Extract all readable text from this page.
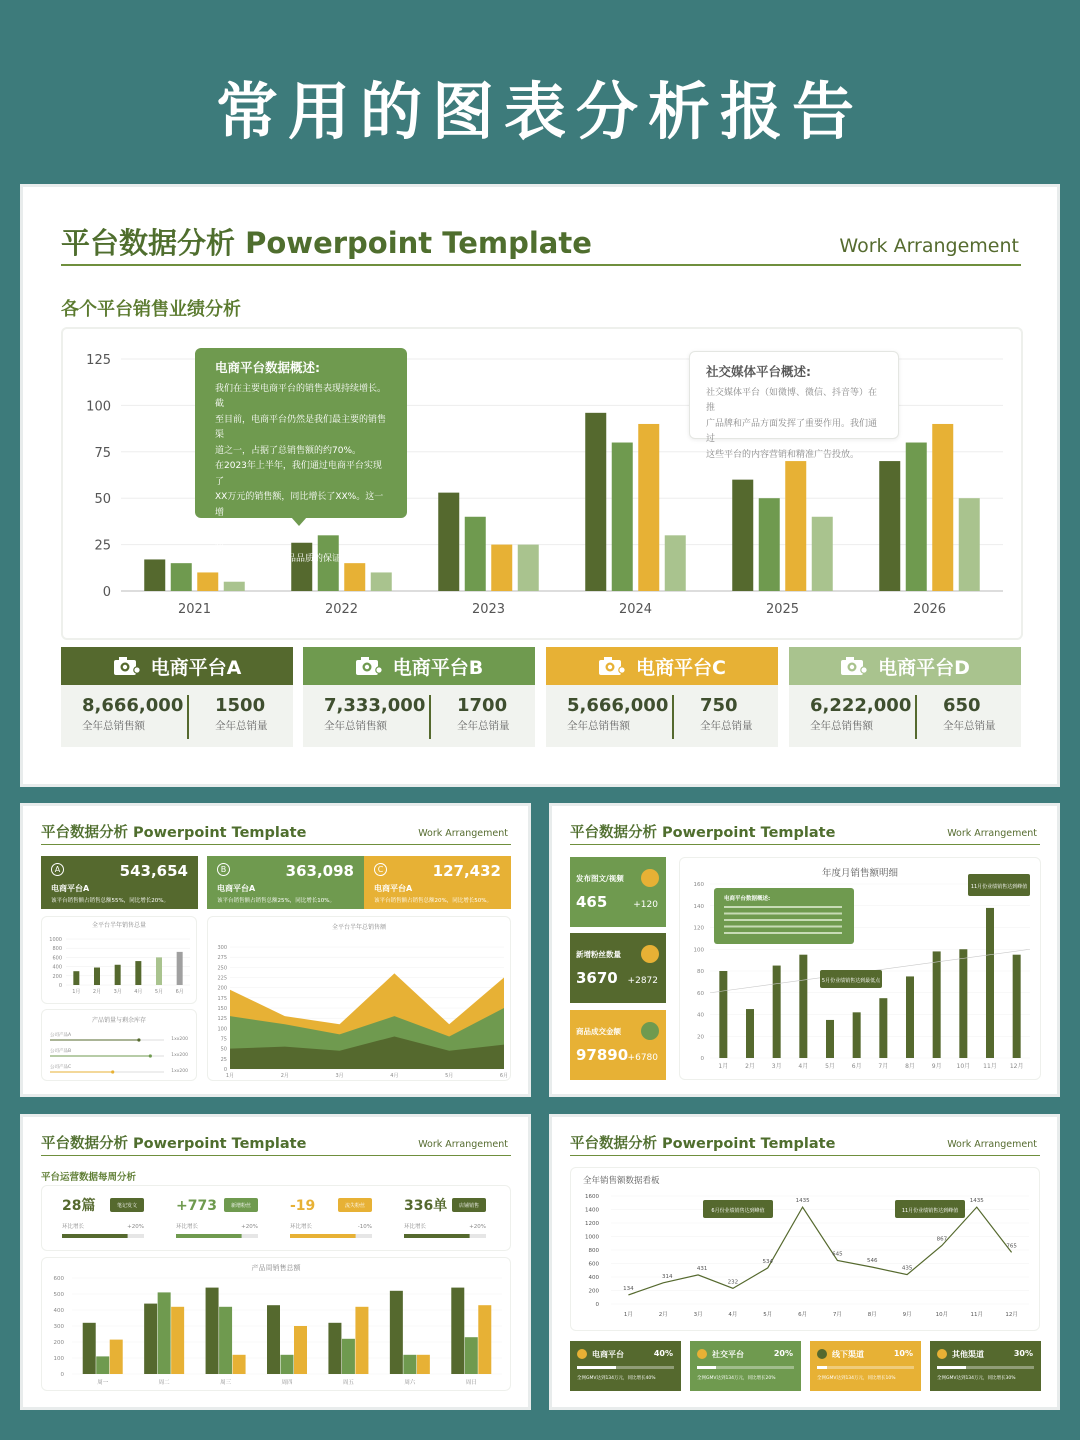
常用的图表分析报告
平台数据分析 Powerpoint Template	Work Arrangement
各个平台销售业绩分析
0
25
50
75
100
125
2021	2022	2023	2024	2025	2026
电商平台数据概述:
我们在主要电商平台的销售表现持续增长。截
至目前，电商平台仍然是我们最主要的销售渠
道之一，占据了总销售额的约70%。
在2023年上半年，我们通过电商平台实现了
XX万元的销售额，同比增长了XX%。这一增
长主要归因于我们在平台上的持续广告投放和
促销活动，以及产品品质的保证。
社交媒体平台概述:
社交媒体平台（如微博、微信、抖音等）在推
广品牌和产品方面发挥了重要作用。我们通过
这些平台的内容营销和精准广告投放。
电商平台A
8,666,000
全年总销售额
1500
全年总销量
电商平台B
7,333,000
全年总销售额
1700
全年总销量
电商平台C
5,666,000
全年总销售额
750
全年总销量
电商平台D
6,222,000
全年总销售额
650
全年总销量
平台数据分析 Powerpoint Template	Work Arrangement
A	543,654
电商平台A
该平台销售额占销售总额55%，同比增长20%。
B	363,098
电商平台A
该平台销售额占销售总额25%，同比增长10%。
C	127,432
电商平台A
该平台销售额占销售总额20%，同比增长50%。
全平台半年销售总量
0
200
400
600
800
1000
1月 2月 3月 4月 5月 6月
产品销量与剩余库存
公司产品A
1xx200
公司产品B
1xx200
公司产品C
1xx200
全平台半年总销售额
0
25
50
75
100
125
150
175
200
225
250
275
300
1月	2月	3月	4月	5月	6月
平台数据分析 Powerpoint Template	Work Arrangement
发布图文/视频
465	+120
新增粉丝数量
3670 +2872
商品成交金额
97890 +6780
年度月销售额明细
0
20
40
60
80
100
120
140
160
1月	2月	3月	4月	5月	6月	7月	8月	9月 10月 11月 12月
电商平台数据概述:
11月份业绩销售达到峰值
5月份业绩销售达到最低点
平台数据分析 Powerpoint Template	Work Arrangement
平台运营数据每周分析
28篇	笔记发文
环比增长	+20%
+773	新增粉丝
环比增长	+20%
-19	流失粉丝
环比增长	-10%
336单 店铺销售
环比增长	+20%
产品周销售总额
0
100
200
300
400
500
600
周一	周二	周三	周四	周五	周六	周日
平台数据分析 Powerpoint Template	Work Arrangement
全年销售额数据看板
0
200
400
600
800
1000
1200
1400
1600
134
314
431
232
534
1435
645
546
435
867
1435
765
1月	2月	3月	4月	5月	6月	7月	8月	9月	10月	11月	12月
6月份业绩销售达到峰值	11月份业绩销售达到峰值
电商平台	40%
全网GMV达到134万元，同比增长40%
社交平台	20%
全网GMV达到134万元，同比增长20%
线下渠道	10%
全网GMV达到134万元，同比增长10%
其他渠道	30%
全网GMV达到134万元，同比增长30%
